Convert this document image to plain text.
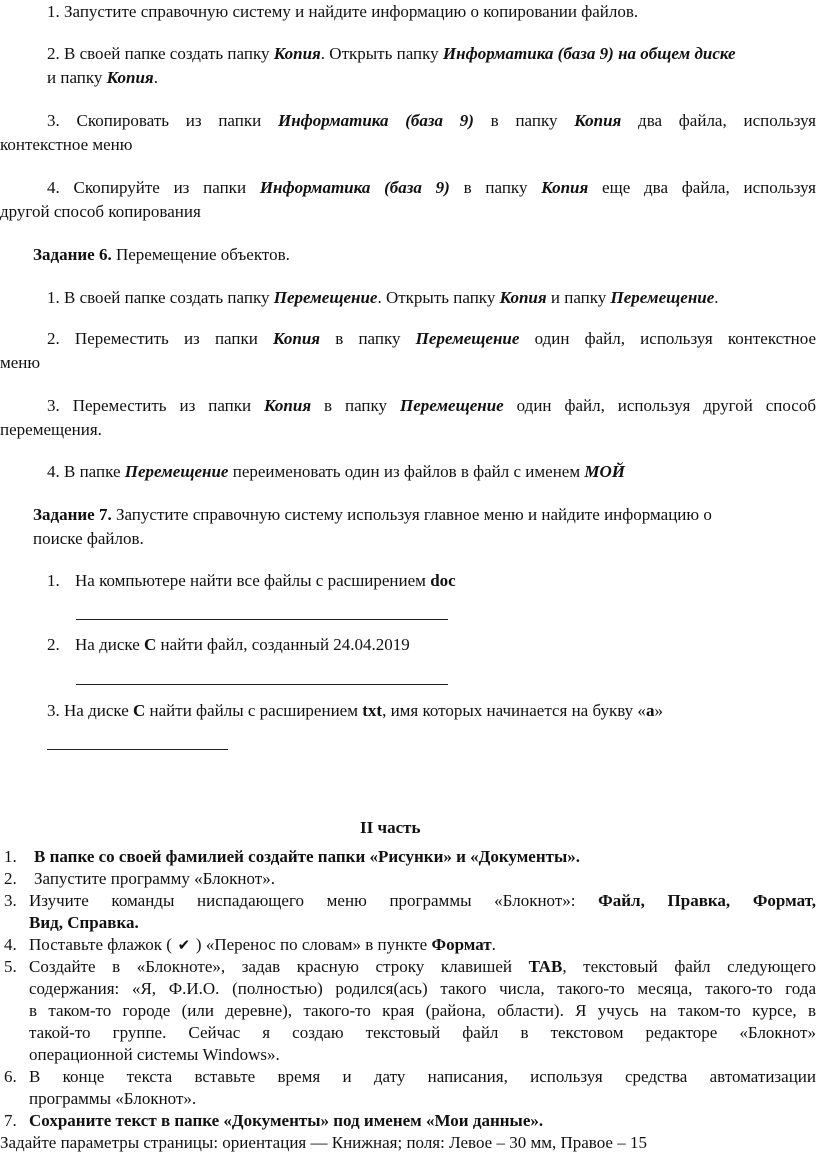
1. Запустите справочную систему и найдите информацию о копировании файлов.
2. В своей папке создать папку Копия. Открыть папку Информатика (база 9) на общем диске
и папку Копия.
3. Скопировать из папки Информатика (база 9) в папку Копия два файла, используя
контекстное меню
4. Скопируйте из папки Информатика (база 9) в папку Копия еще два файла, используя
другой способ копирования
Задание 6. Перемещение объектов.
1. В своей папке создать папку Перемещение. Открыть папку Копия и папку Перемещение.
2. Переместить из папки Копия в папку Перемещение один файл, используя контекстное
меню
3. Переместить из папки Копия в папку Перемещение один файл, используя другой способ
перемещения.
4. В папке Перемещение переименовать один из файлов в файл с именем МОЙ
Задание 7. Запустите справочную систему используя главное меню и найдите информацию о
поиске файлов.
1. На компьютере найти все файлы с расширением doc
2. На диске С найти файл, созданный 24.04.2019
3. На диске С найти файлы с расширением txt, имя которых начинается на букву «а»
II часть
1. В папке со своей фамилией создайте папки «Рисунки» и «Документы».
2. Запустите программу «Блокнот».
3. Изучите команды ниспадающего меню программы «Блокнот»: Файл, Правка, Формат,
Вид, Справка.
4. Поставьте флажок ( ✔ ) «Перенос по словам» в пункте Формат.
5. Создайте в «Блокноте», задав красную строку клавишей TAB, текстовый файл следующего
содержания: «Я, Ф.И.О. (полностью) родился(ась) такого числа, такого-то месяца, такого-то года
в таком-то городе (или деревне), такого-то края (района, области). Я учусь на таком-то курсе, в
такой-то группе. Сейчас я создаю текстовый файл в текстовом редакторе «Блокнот»
операционной системы Windows».
6. В конце текста вставьте время и дату написания, используя средства автоматизации
программы «Блокнот».
7. Сохраните текст в папке «Документы» под именем «Мои данные».
Задайте параметры страницы: ориентация — Книжная; поля: Левое – 30 мм, Правое – 15
